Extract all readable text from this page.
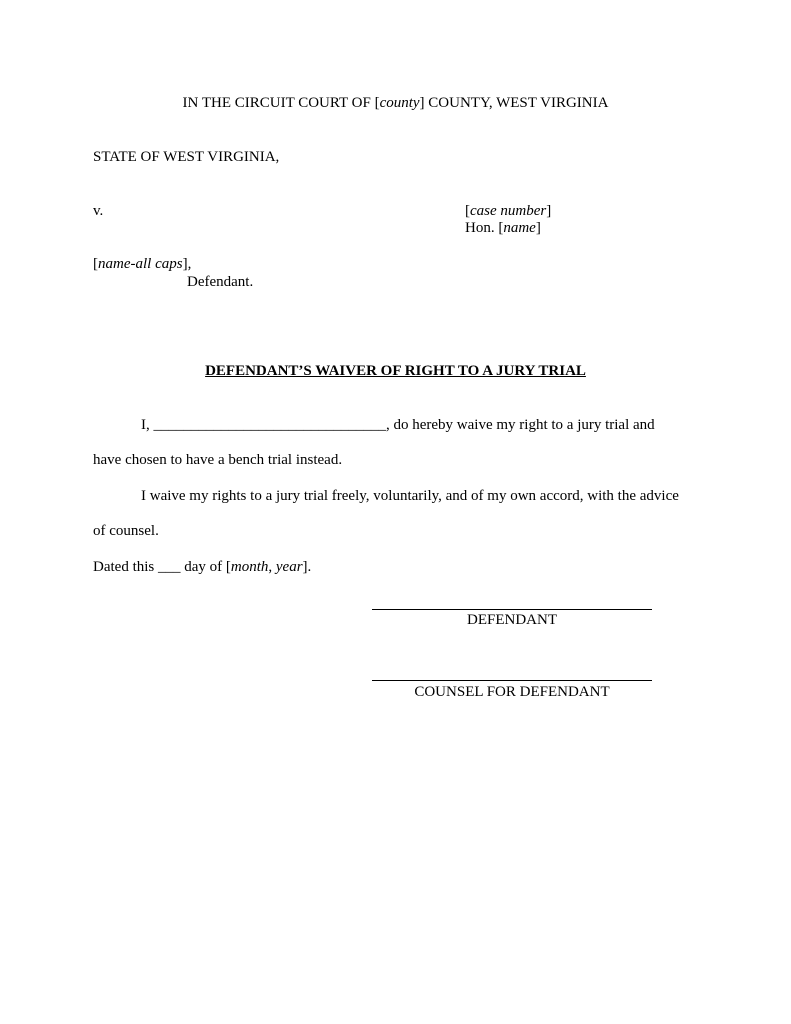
IN THE CIRCUIT COURT OF [county] COUNTY, WEST VIRGINIA
STATE OF WEST VIRGINIA,
v.	[case number]
Hon. [name]
[name-all caps],
Defendant.
DEFENDANT’S WAIVER OF RIGHT TO A JURY TRIAL
I, _______________________________, do hereby waive my right to a jury trial and
have chosen to have a bench trial instead.
I waive my rights to a jury trial freely, voluntarily, and of my own accord, with the advice
of counsel.
Dated this ___ day of [month, year].
DEFENDANT
COUNSEL FOR DEFENDANT
